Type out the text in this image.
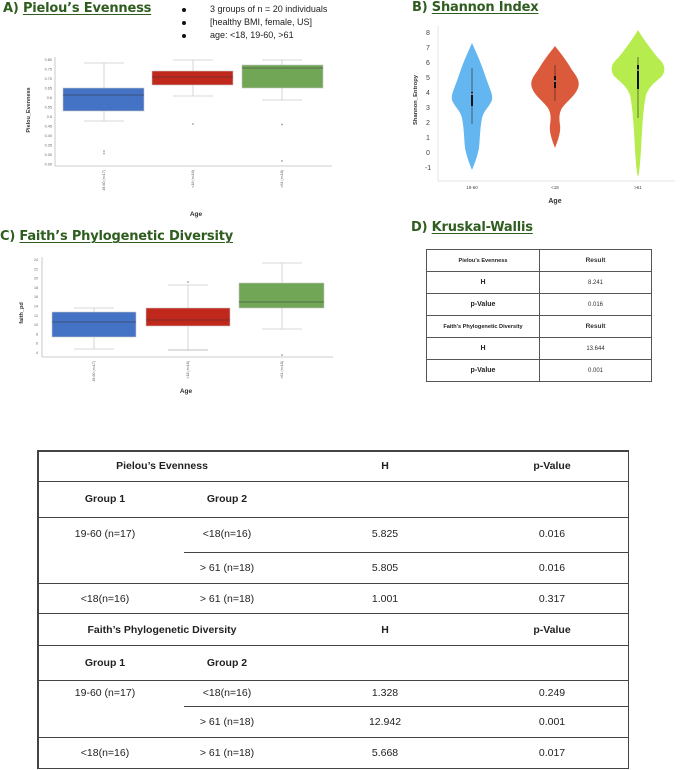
A) Pielou’s Evenness	B) Shannon Index
C) Faith’s Phylogenetic Diversity
D) Kruskal-Wallis
3 groups of n = 20 individuals
[healthy BMI, female, US]
age: <18, 19-60, >61
0.80
0.75
0.70
0.65
0.6
0.55
0.5
0.45
0.40
0.35
0.30
0.00
Pielou_Evenness
19-60 (n=17)	<18 (n=16)	>61 (n=18)
Age
8
7
6
5
4
3
2
1
0
-1
Shannon_Entropy
19-60	<18	>61
Age
24
22
20
18
16
14
12
10
8
6
4
faith_pd
19-60 (n=17)	<18 (n=16)	>61 (n=18)
Age
Pielou's Evenness	Result
H	8.241
p-Value	0.016
Faith's Phylogenetic Diversity	Result
H	13.644
p-Value	0.001
Pielou’s Evenness	H	p-Value
Group 1	Group 2
19-60 (n=17)	<18(n=16)	5.825	0.016
> 61 (n=18)	5.805	0.016
<18(n=16)	> 61 (n=18)	1.001	0.317
Faith’s Phylogenetic Diversity	H	p-Value
Group 1	Group 2
19-60 (n=17)	<18(n=16)	1.328	0.249
> 61 (n=18)	12.942	0.001
<18(n=16)	> 61 (n=18)	5.668	0.017
